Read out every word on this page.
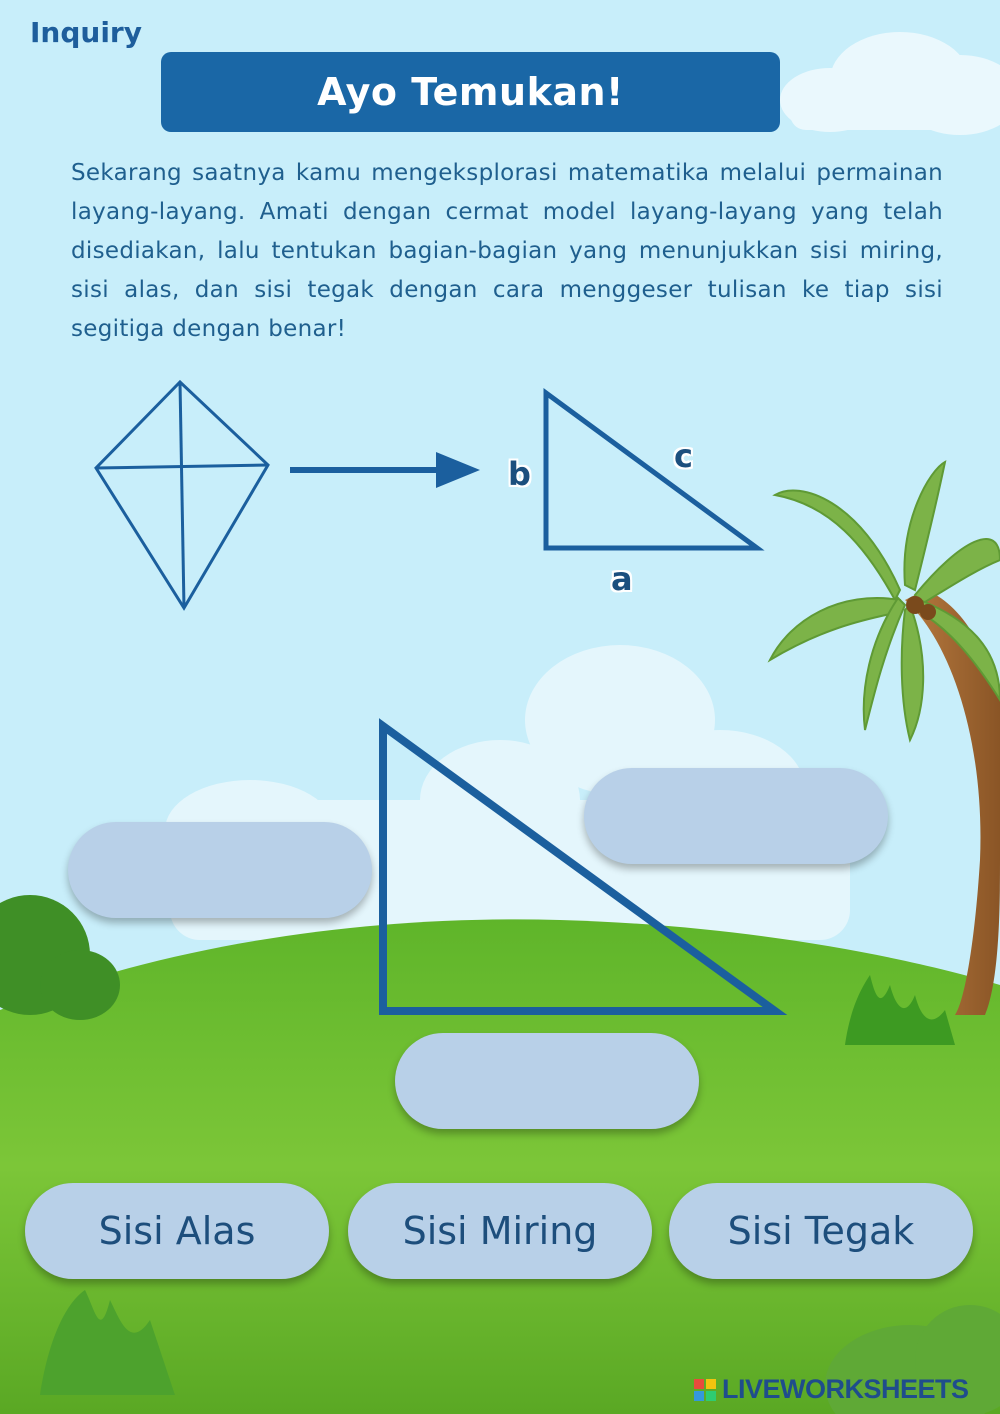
Inquiry
Ayo Temukan!
Sekarang saatnya kamu mengeksplorasi matematika melalui permainan layang-layang. Amati dengan cermat model layang-layang yang telah disediakan, lalu tentukan bagian-bagian yang menunjukkan sisi miring, sisi alas, dan sisi tegak dengan cara menggeser tulisan ke tiap sisi segitiga dengan benar!
b	c
a
Sisi Alas	Sisi Miring	Sisi Tegak
LIVEWORKSHEETS
